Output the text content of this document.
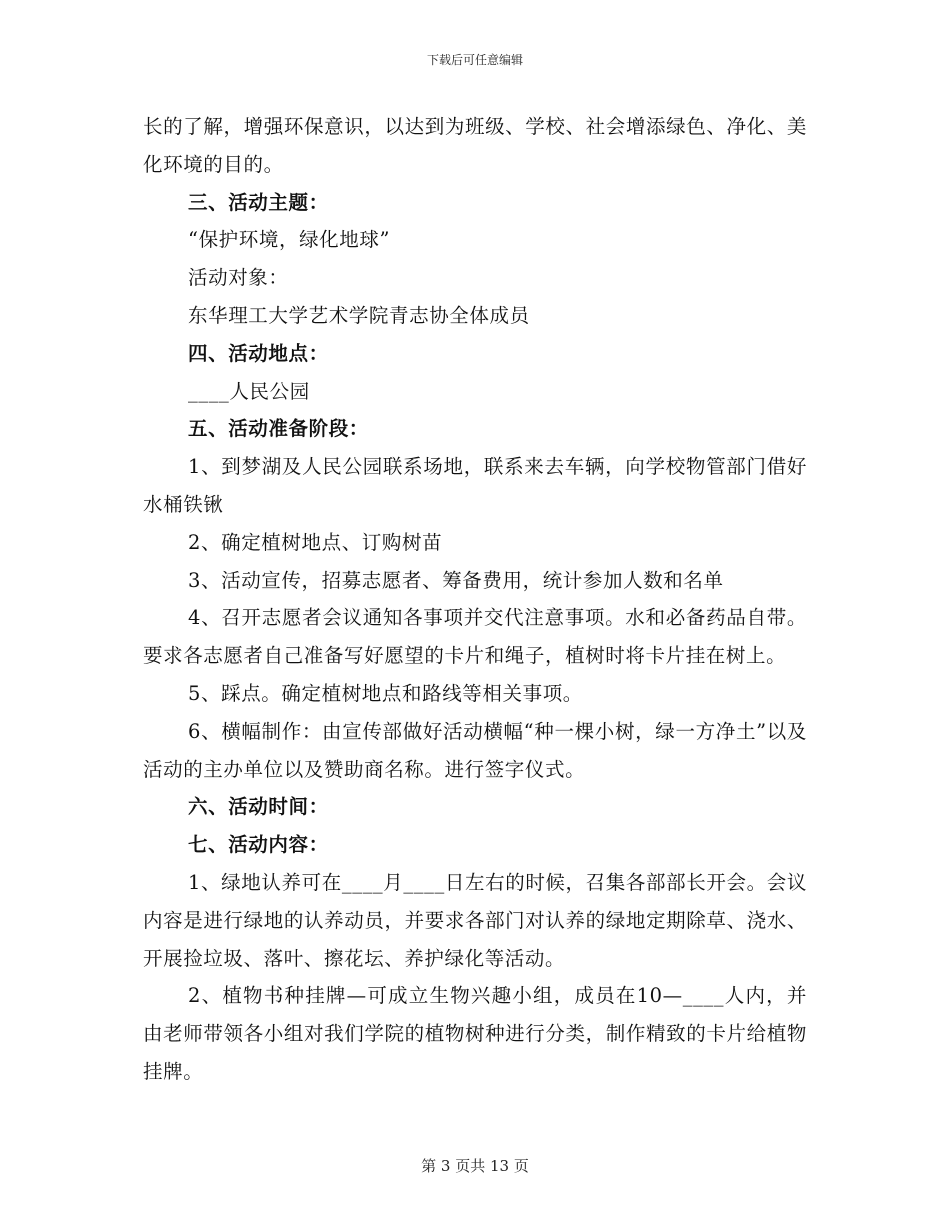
下载后可任意编辑

长的了解，增强环保意识，以达到为班级、学校、社会增添绿色、净化、美化环境的目的。

三、活动主题：

“保护环境，绿化地球”

活动对象：

东华理工大学艺术学院青志协全体成员

四、活动地点：

____人民公园

五、活动准备阶段：

1、到梦湖及人民公园联系场地，联系来去车辆，向学校物管部门借好水桶铁锹

2、确定植树地点、订购树苗

3、活动宣传，招募志愿者、筹备费用，统计参加人数和名单

4、召开志愿者会议通知各事项并交代注意事项。水和必备药品自带。要求各志愿者自己准备写好愿望的卡片和绳子，植树时将卡片挂在树上。

5、踩点。确定植树地点和路线等相关事项。

6、横幅制作：由宣传部做好活动横幅“种一棵小树，绿一方净土”以及活动的主办单位以及赞助商名称。进行签字仪式。

六、活动时间：

七、活动内容：

1、绿地认养可在____月____日左右的时候，召集各部部长开会。会议内容是进行绿地的认养动员，并要求各部门对认养的绿地定期除草、浇水、开展捡垃圾、落叶、擦花坛、养护绿化等活动。

2、植物书种挂牌—可成立生物兴趣小组，成员在10—____人内，并由老师带领各小组对我们学院的植物树种进行分类，制作精致的卡片给植物挂牌。

第 3 页共 13 页
